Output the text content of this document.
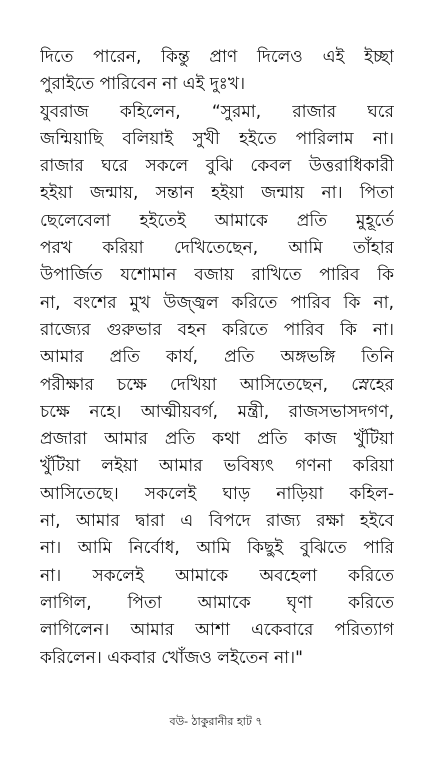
দিতে পারেন, কিন্তু প্রাণ দিলেও এই ইচ্ছা
পুরাইতে পারিবেন না এই দুঃখ।
যুবরাজ কহিলেন, “সুরমা, রাজার ঘরে
জন্মিয়াছি বলিয়াই সুখী হইতে পারিলাম না।
রাজার ঘরে সকলে বুঝি কেবল উত্তরাধিকারী
হইয়া জন্মায়, সন্তান হইয়া জন্মায় না। পিতা
ছেলেবেলা হইতেই আমাকে প্রতি মুহূর্তে
পরখ করিয়া দেখিতেছেন, আমি তাঁহার
উপার্জিত যশোমান বজায় রাখিতে পারিব কি
না, বংশের মুখ উজ্জ্বল করিতে পারিব কি না,
রাজ্যের গুরুভার বহন করিতে পারিব কি না।
আমার প্রতি কার্য, প্রতি অঙ্গভঙ্গি তিনি
পরীক্ষার চক্ষে দেখিয়া আসিতেছেন, স্নেহের
চক্ষে নহে। আত্মীয়বর্গ, মন্ত্রী, রাজসভাসদগণ,
প্রজারা আমার প্রতি কথা প্রতি কাজ খুঁটিয়া
খুঁটিয়া লইয়া আমার ভবিষ্যৎ গণনা করিয়া
আসিতেছে। সকলেই ঘাড় নাড়িয়া কহিল-
না, আমার দ্বারা এ বিপদে রাজ্য রক্ষা হইবে
না। আমি নির্বোধ, আমি কিছুই বুঝিতে পারি
না। সকলেই আমাকে অবহেলা করিতে
লাগিল, পিতা আমাকে ঘৃণা করিতে
লাগিলেন। আমার আশা একেবারে পরিত্যাগ
করিলেন। একবার খোঁজও লইতেন না।"
বউ- ঠাকুরানীর হাট ৭
